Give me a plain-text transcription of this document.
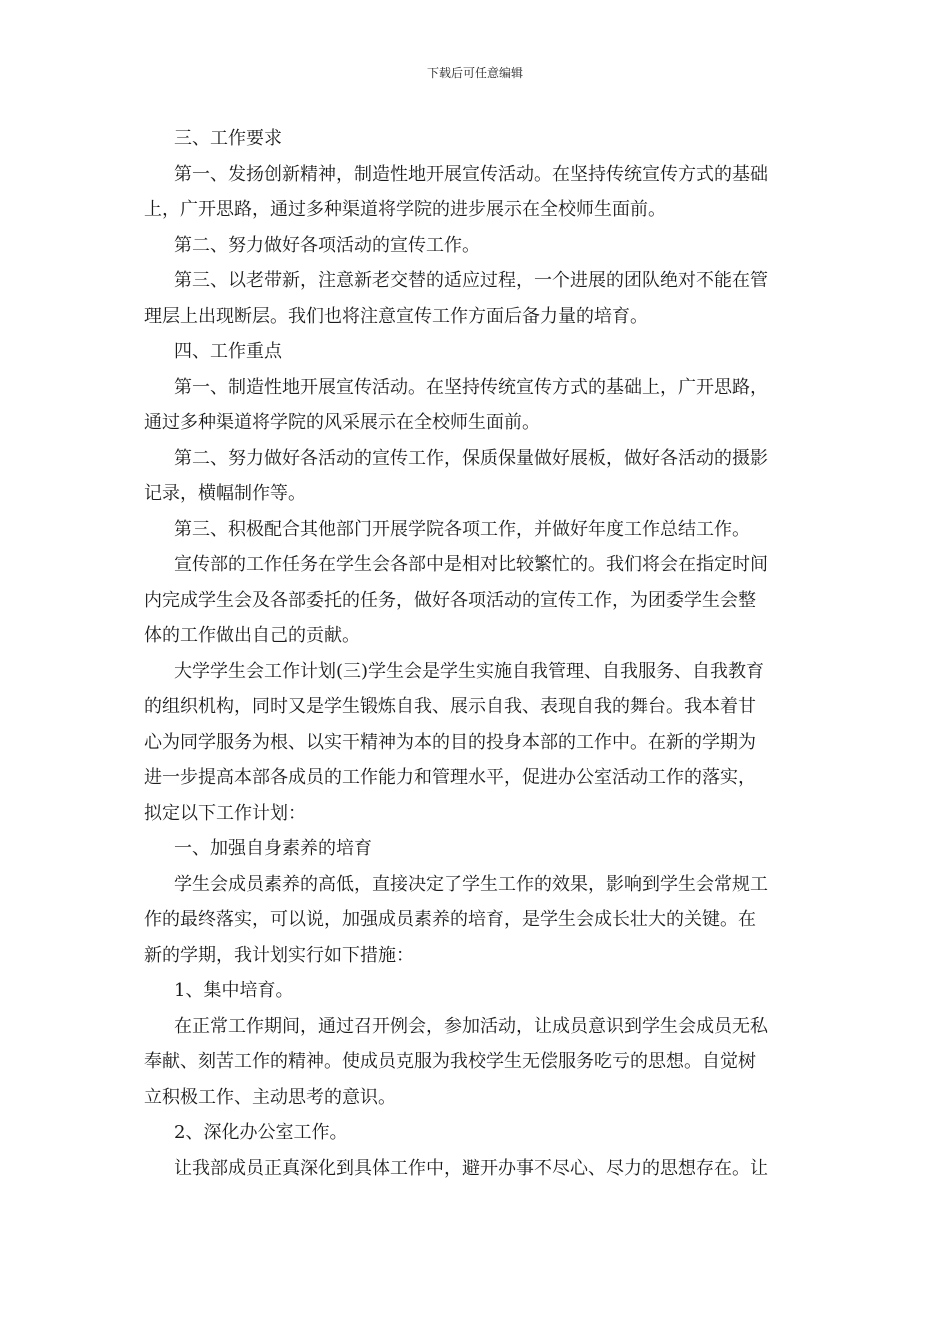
下载后可任意编辑

三、工作要求

第一、发扬创新精神，制造性地开展宣传活动。在坚持传统宣传方式的基础
上，广开思路，通过多种渠道将学院的进步展示在全校师生面前。

第二、努力做好各项活动的宣传工作。

第三、以老带新，注意新老交替的适应过程，一个进展的团队绝对不能在管
理层上出现断层。我们也将注意宣传工作方面后备力量的培育。

四、工作重点

第一、制造性地开展宣传活动。在坚持传统宣传方式的基础上，广开思路，
通过多种渠道将学院的风采展示在全校师生面前。

第二、努力做好各活动的宣传工作，保质保量做好展板，做好各活动的摄影
记录，横幅制作等。

第三、积极配合其他部门开展学院各项工作，并做好年度工作总结工作。

宣传部的工作任务在学生会各部中是相对比较繁忙的。我们将会在指定时间
内完成学生会及各部委托的任务，做好各项活动的宣传工作，为团委学生会整
体的工作做出自己的贡献。

大学学生会工作计划(三)学生会是学生实施自我管理、自我服务、自我教育
的组织机构，同时又是学生锻炼自我、展示自我、表现自我的舞台。我本着甘
心为同学服务为根、以实干精神为本的目的投身本部的工作中。在新的学期为
进一步提高本部各成员的工作能力和管理水平，促进办公室活动工作的落实，
拟定以下工作计划：

一、加强自身素养的培育

学生会成员素养的高低，直接决定了学生工作的效果，影响到学生会常规工
作的最终落实，可以说，加强成员素养的培育，是学生会成长壮大的关键。在
新的学期，我计划实行如下措施：

1、集中培育。

在正常工作期间，通过召开例会，参加活动，让成员意识到学生会成员无私
奉献、刻苦工作的精神。使成员克服为我校学生无偿服务吃亏的思想。自觉树
立积极工作、主动思考的意识。

2、深化办公室工作。

让我部成员正真深化到具体工作中，避开办事不尽心、尽力的思想存在。让
